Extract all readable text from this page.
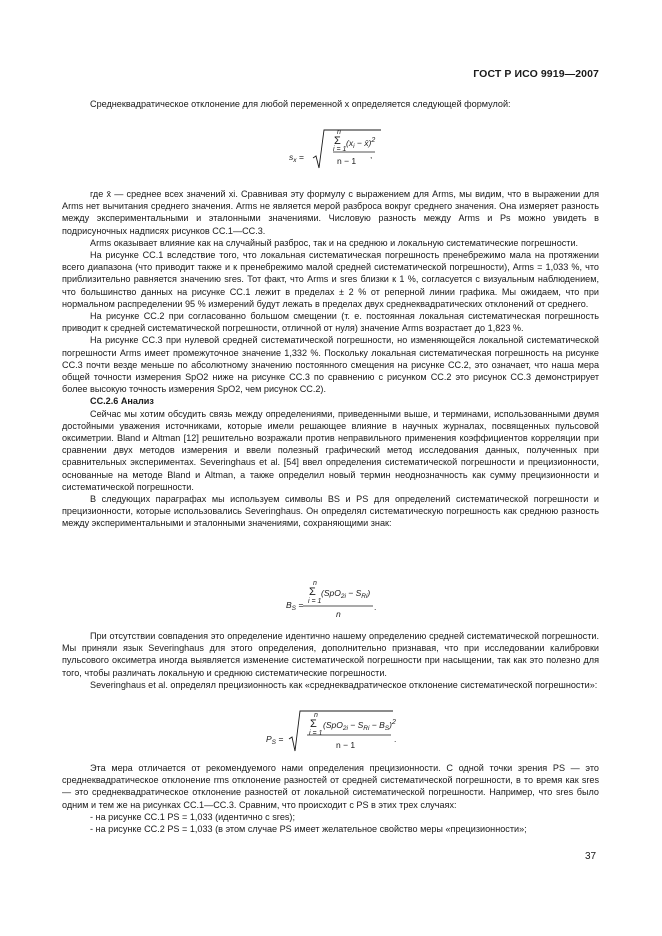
ГОСТ Р ИСО 9919—2007

Среднеквадратическое отклонение для любой переменной x определяется следующей формулой:

$s_x$ =
n
Σ ($x_i$ − x̄)$^2$
i = 1
n − 1
,

где x̄ — среднее всех значений xi. Сравнивая эту формулу с выражением для Arms, мы видим, что в выражении для Arms нет вычитания среднего значения. Arms не является мерой разброса вокруг среднего значения. Она измеряет разность между экспериментальными и эталонными значениями. Числовую разность между Arms и Ps можно увидеть в подрисуночных надписях рисунков СС.1—СС.3.

Arms оказывает влияние как на случайный разброс, так и на среднюю и локальную систематические погрешности.

На рисунке СС.1 вследствие того, что локальная систематическая погрешность пренебрежимо мала на протяжении всего диапазона (что приводит также и к пренебрежимо малой средней систематической погрешности), Arms = 1,033 %, что приблизительно равняется значению sres. Тот факт, что Arms и sres близки к 1 %, согласуется с визуальным наблюдением, что большинство данных на рисунке СС.1 лежит в пределах ± 2 % от реперной линии графика. Мы ожидаем, что при нормальном распределении 95 % измерений будут лежать в пределах двух среднеквадратических отклонений от среднего.

На рисунке СС.2 при согласованно большом смещении (т. е. постоянная локальная систематическая погрешность приводит к средней систематической погрешности, отличной от нуля) значение Arms возрастает до 1,823 %.

На рисунке СС.3 при нулевой средней систематической погрешности, но изменяющейся локальной систематической погрешности Arms имеет промежуточное значение 1,332 %. Поскольку локальная систематическая погрешность на рисунке СС.3 почти везде меньше по абсолютному значению постоянного смещения на рисунке СС.2, это означает, что наша мера общей точности измерения SpO2 ниже на рисунке СС.3 по сравнению с рисунком СС.2 это рисунок СС.3 демонстрирует более высокую точность измерения SpO2, чем рисунок СС.2).

СС.2.6 Анализ

Сейчас мы хотим обсудить связь между определениями, приведенными выше, и терминами, использованными двумя достойными уважения источниками, которые имели решающее влияние в научных журналах, посвященных пульсовой оксиметрии. Bland и Altman [12] решительно возражали против неправильного применения коэффициентов корреляции при сравнении двух методов измерения и ввели полезный графический метод исследования данных, полученных при сравнительных экспериментах. Severinghaus et al. [54] ввел определения систематической погрешности и прецизионности, основанные на методе Bland и Altman, а также определил новый термин неоднозначность как сумму прецизионности и систематической погрешности.

В следующих параграфах мы используем символы BS и PS для определений систематической погрешности и прецизионности, которые использовались Severinghaus. Он определял систематическую погрешность как среднюю разность между экспериментальными и эталонными значениями, сохраняющими знак:

n
Σ $(SpO_{2i} - S_{Ri})$
i = 1
$B_S$ =
n
.

При отсутствии совпадения это определение идентично нашему определению средней систематической погрешности. Мы приняли язык Severinghaus для этого определения, дополнительно признавая, что при исследовании калибровки пульсового оксиметра иногда выявляется изменение систематической погрешности при насыщении, так как это полезно для того, чтобы различать локальную и среднюю систематические погрешности.

Severinghaus et al. определял прецизионность как «среднеквадратическое отклонение систематической погрешности»:

$P_S$ =
n
Σ $(SpO_{2i} - S_{Ri} - B_S)^2$
i = 1
n − 1
.

Эта мера отличается от рекомендуемого нами определения прецизионности. С одной точки зрения PS — это среднеквадратическое отклонение rms отклонение разностей от средней систематической погрешности, в то время как sres — это среднеквадратическое отклонение разностей от локальной систематической погрешности. Например, что sres было одним и тем же на рисунках СС.1—СС.3. Сравним, что происходит с PS в этих трех случаях:

- на рисунке СС.1 PS = 1,033 (идентично с sres);

- на рисунке СС.2 PS = 1,033 (в этом случае PS имеет желательное свойство меры «прецизионности»;

37
